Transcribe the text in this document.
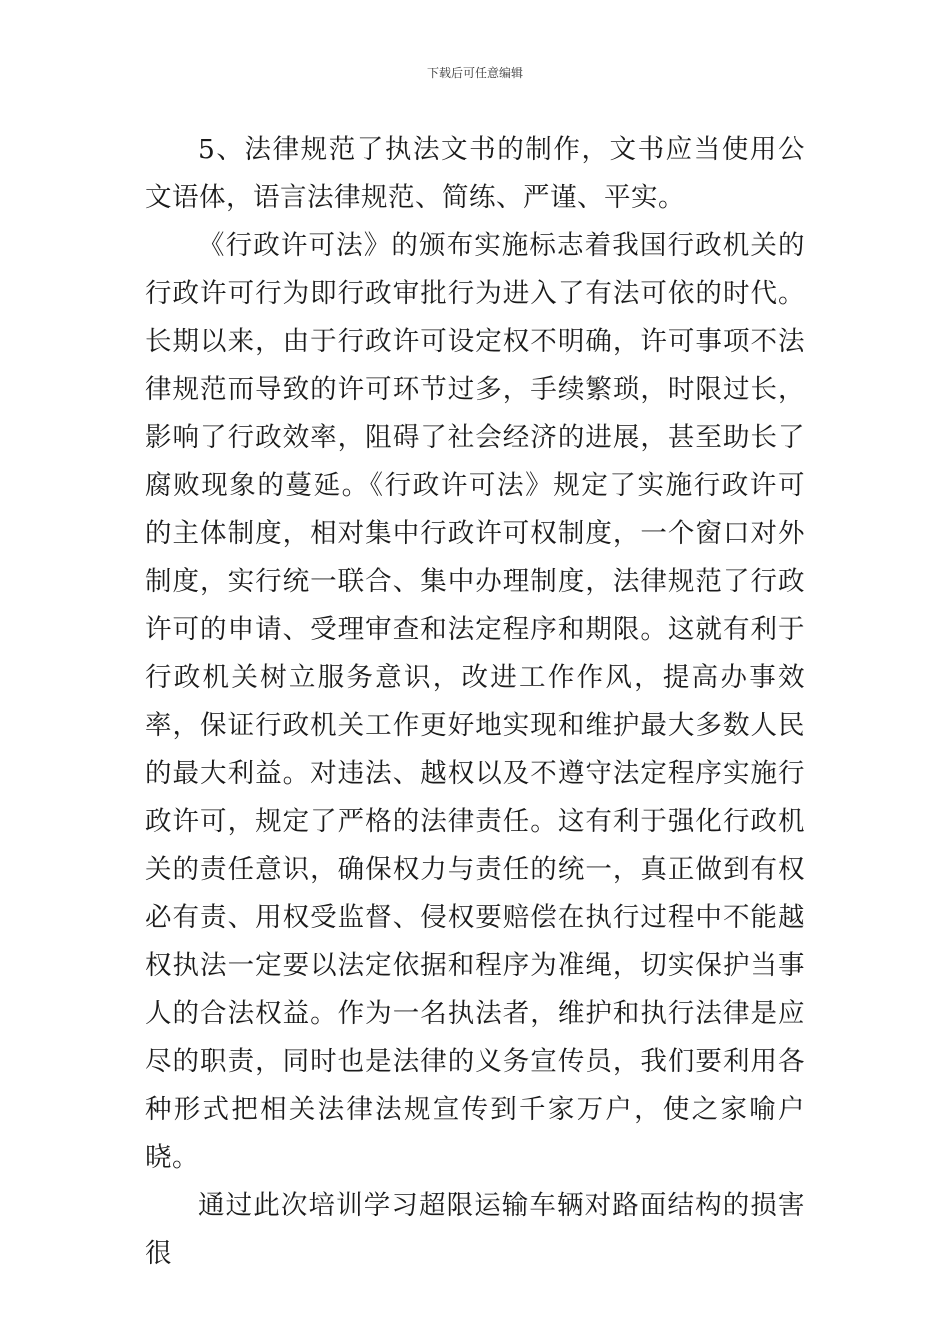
下载后可任意编辑

5、法律规范了执法文书的制作，文书应当使用公文语体，语言法律规范、简练、严谨、平实。

《行政许可法》的颁布实施标志着我国行政机关的行政许可行为即行政审批行为进入了有法可依的时代。长期以来，由于行政许可设定权不明确，许可事项不法律规范而导致的许可环节过多，手续繁琐，时限过长，影响了行政效率，阻碍了社会经济的进展，甚至助长了腐败现象的蔓延。《行政许可法》规定了实施行政许可的主体制度，相对集中行政许可权制度，一个窗口对外制度，实行统一联合、集中办理制度，法律规范了行政许可的申请、受理审查和法定程序和期限。这就有利于行政机关树立服务意识，改进工作作风，提高办事效率，保证行政机关工作更好地实现和维护最大多数人民的最大利益。对违法、越权以及不遵守法定程序实施行政许可，规定了严格的法律责任。这有利于强化行政机关的责任意识，确保权力与责任的统一，真正做到有权必有责、用权受监督、侵权要赔偿在执行过程中不能越权执法一定要以法定依据和程序为准绳，切实保护当事人的合法权益。作为一名执法者，维护和执行法律是应尽的职责，同时也是法律的义务宣传员，我们要利用各种形式把相关法律法规宣传到千家万户，使之家喻户晓。

通过此次培训学习超限运输车辆对路面结构的损害很
